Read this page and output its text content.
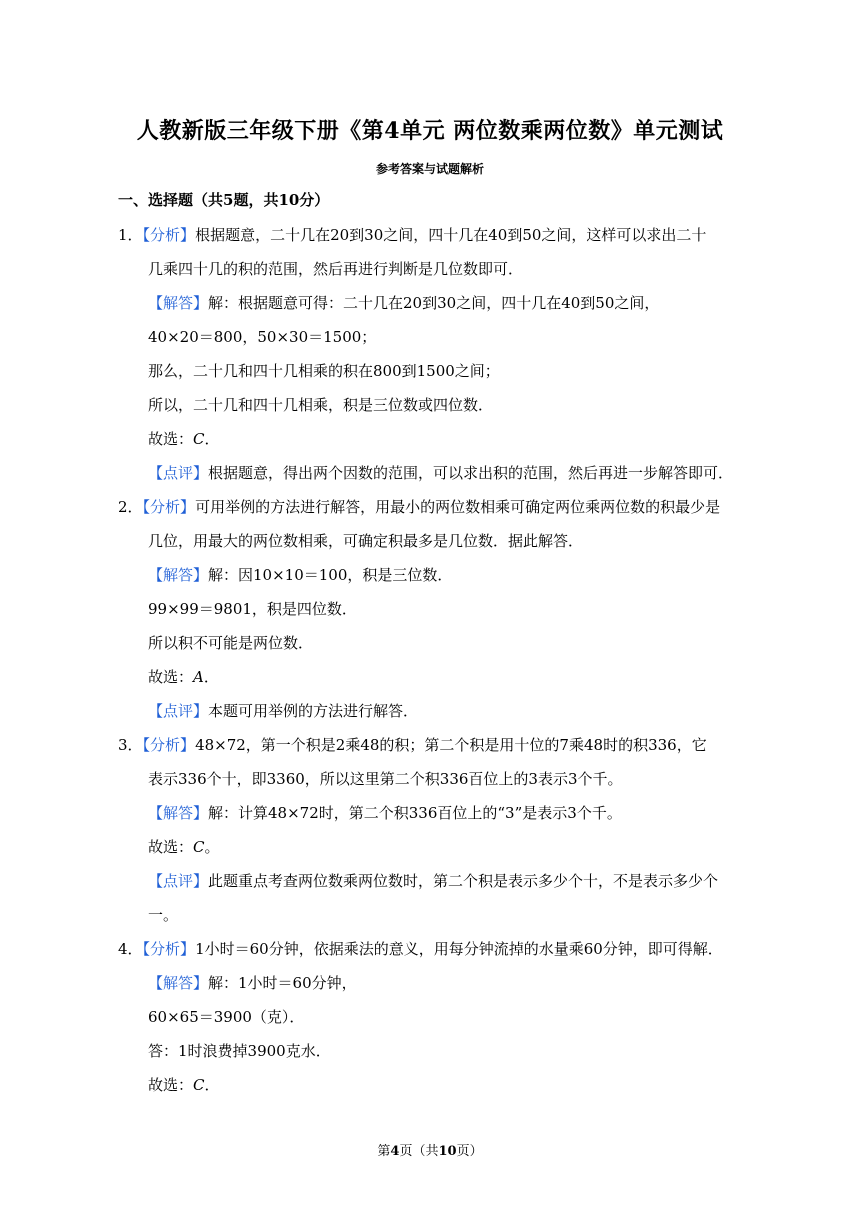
人教新版三年级下册《第4单元 两位数乘两位数》单元测试
参考答案与试题解析
一、选择题（共5题，共10分）
1．【分析】根据题意，二十几在20到30之间，四十几在40到50之间，这样可以求出二十
几乘四十几的积的范围，然后再进行判断是几位数即可．
【解答】解：根据题意可得：二十几在20到30之间，四十几在40到50之间，
40×20＝800，50×30＝1500；
那么，二十几和四十几相乘的积在800到1500之间；
所以，二十几和四十几相乘，积是三位数或四位数．
故选：C．
【点评】根据题意，得出两个因数的范围，可以求出积的范围，然后再进一步解答即可．
2．【分析】可用举例的方法进行解答，用最小的两位数相乘可确定两位乘两位数的积最少是
几位，用最大的两位数相乘，可确定积最多是几位数．据此解答．
【解答】解：因10×10＝100，积是三位数．
99×99＝9801，积是四位数．
所以积不可能是两位数．
故选：A．
【点评】本题可用举例的方法进行解答．
3．【分析】48×72，第一个积是2乘48的积；第二个积是用十位的7乘48时的积336，它
表示336个十，即3360，所以这里第二个积336百位上的3表示3个千。
【解答】解：计算48×72时，第二个积336百位上的“3”是表示3个千。
故选：C。
【点评】此题重点考查两位数乘两位数时，第二个积是表示多少个十，不是表示多少个
一。
4．【分析】1小时＝60分钟，依据乘法的意义，用每分钟流掉的水量乘60分钟，即可得解．
【解答】解：1小时＝60分钟，
60×65＝3900（克）．
答：1时浪费掉3900克水．
故选：C．
第4页（共10页）
